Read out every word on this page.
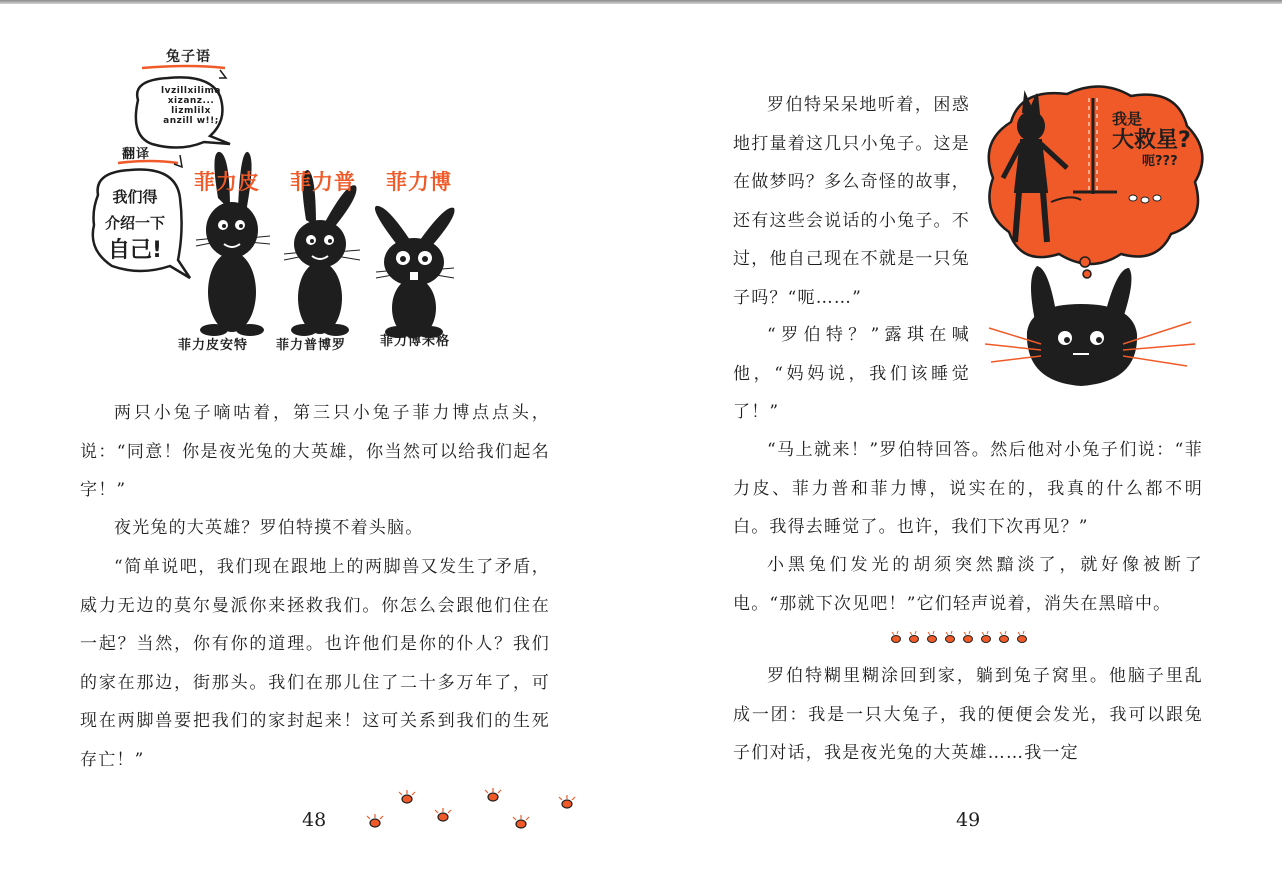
兔子语
lvzillxilima
xizanz...
lizmlilx
anzill w!!;
翻译
我们得
介绍一下
自己!
菲力皮 菲力普 菲力博
菲力皮安特 菲力普博罗	菲力博米格

两只小兔子嘀咕着，第三只小兔子菲力博点点头，说：“同意！你是夜光兔的大英雄，你当然可以给我们起名字！”

夜光兔的大英雄？罗伯特摸不着头脑。

“简单说吧，我们现在跟地上的两脚兽又发生了矛盾，威力无边的莫尔曼派你来拯救我们。你怎么会跟他们住在一起？当然，你有你的道理。也许他们是你的仆人？我们的家在那边，街那头。我们在那儿住了二十多万年了，可现在两脚兽要把我们的家封起来！这可关系到我们的生死存亡！”

48
我是
大救星?
呃???

罗伯特呆呆地听着，困惑地打量着这几只小兔子。这是在做梦吗？多么奇怪的故事，还有这些会说话的小兔子。不过，他自己现在不就是一只兔子吗？“呃……”

“罗伯特？”露琪在喊他，“妈妈说，我们该睡觉了！”

“马上就来！”罗伯特回答。然后他对小兔子们说：“菲力皮、菲力普和菲力博，说实在的，我真的什么都不明白。我得去睡觉了。也许，我们下次再见？”

小黑兔们发光的胡须突然黯淡了，就好像被断了电。“那就下次见吧！”它们轻声说着，消失在黑暗中。

罗伯特糊里糊涂回到家，躺到兔子窝里。他脑子里乱成一团：我是一只大兔子，我的便便会发光，我可以跟兔子们对话，我是夜光兔的大英雄……我一定

49
